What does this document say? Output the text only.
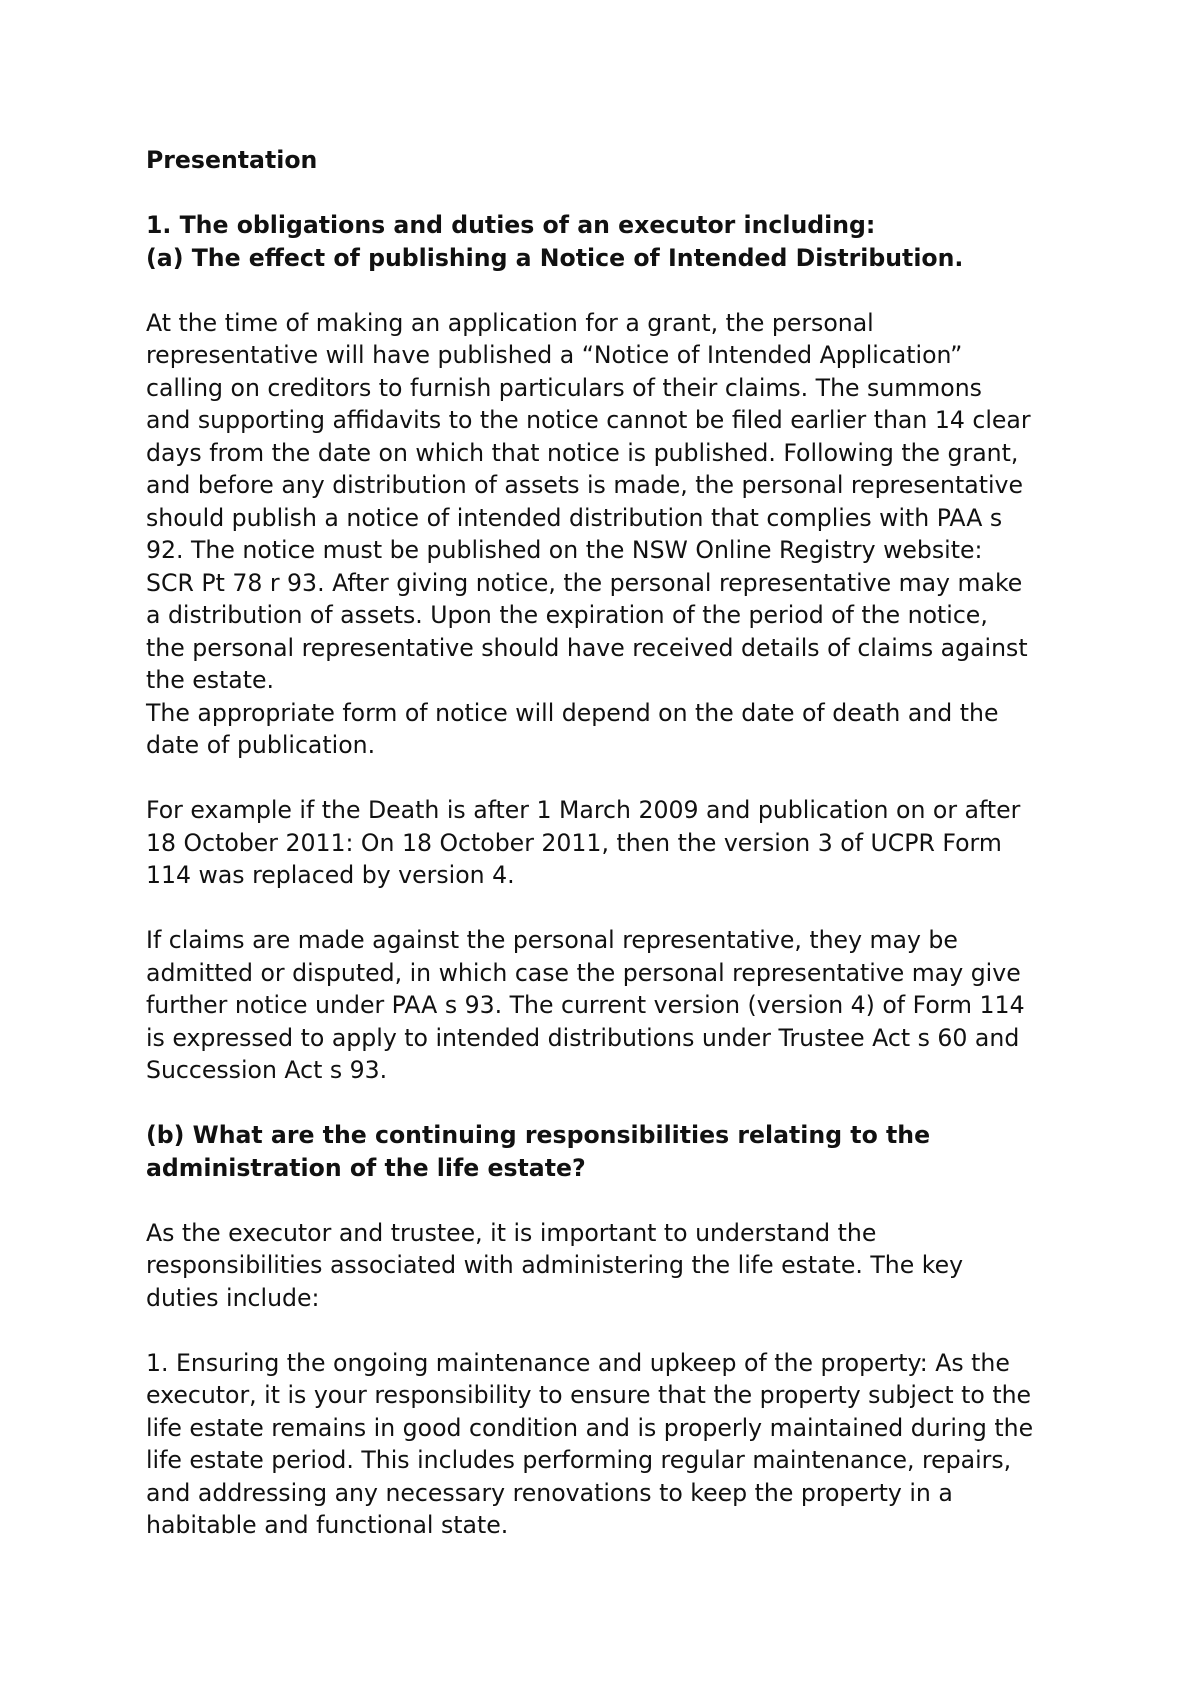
Presentation

1. The obligations and duties of an executor including:

(a) The effect of publishing a Notice of Intended Distribution.

At the time of making an application for a grant, the personal
representative will have published a “Notice of Intended Application”
calling on creditors to furnish particulars of their claims. The summons
and supporting affidavits to the notice cannot be filed earlier than 14 clear
days from the date on which that notice is published. Following the grant,
and before any distribution of assets is made, the personal representative
should publish a notice of intended distribution that complies with PAA s
92. The notice must be published on the NSW Online Registry website:
SCR Pt 78 r 93. After giving notice, the personal representative may make
a distribution of assets. Upon the expiration of the period of the notice,
the personal representative should have received details of claims against
the estate.

The appropriate form of notice will depend on the date of death and the
date of publication.

For example if the Death is after 1 March 2009 and publication on or after
18 October 2011: On 18 October 2011, then the version 3 of UCPR Form
114 was replaced by version 4.

If claims are made against the personal representative, they may be
admitted or disputed, in which case the personal representative may give
further notice under PAA s 93. The current version (version 4) of Form 114
is expressed to apply to intended distributions under Trustee Act s 60 and
Succession Act s 93.

(b) What are the continuing responsibilities relating to the
administration of the life estate?

As the executor and trustee, it is important to understand the
responsibilities associated with administering the life estate. The key
duties include:

1. Ensuring the ongoing maintenance and upkeep of the property: As the
executor, it is your responsibility to ensure that the property subject to the
life estate remains in good condition and is properly maintained during the
life estate period. This includes performing regular maintenance, repairs,
and addressing any necessary renovations to keep the property in a
habitable and functional state.
